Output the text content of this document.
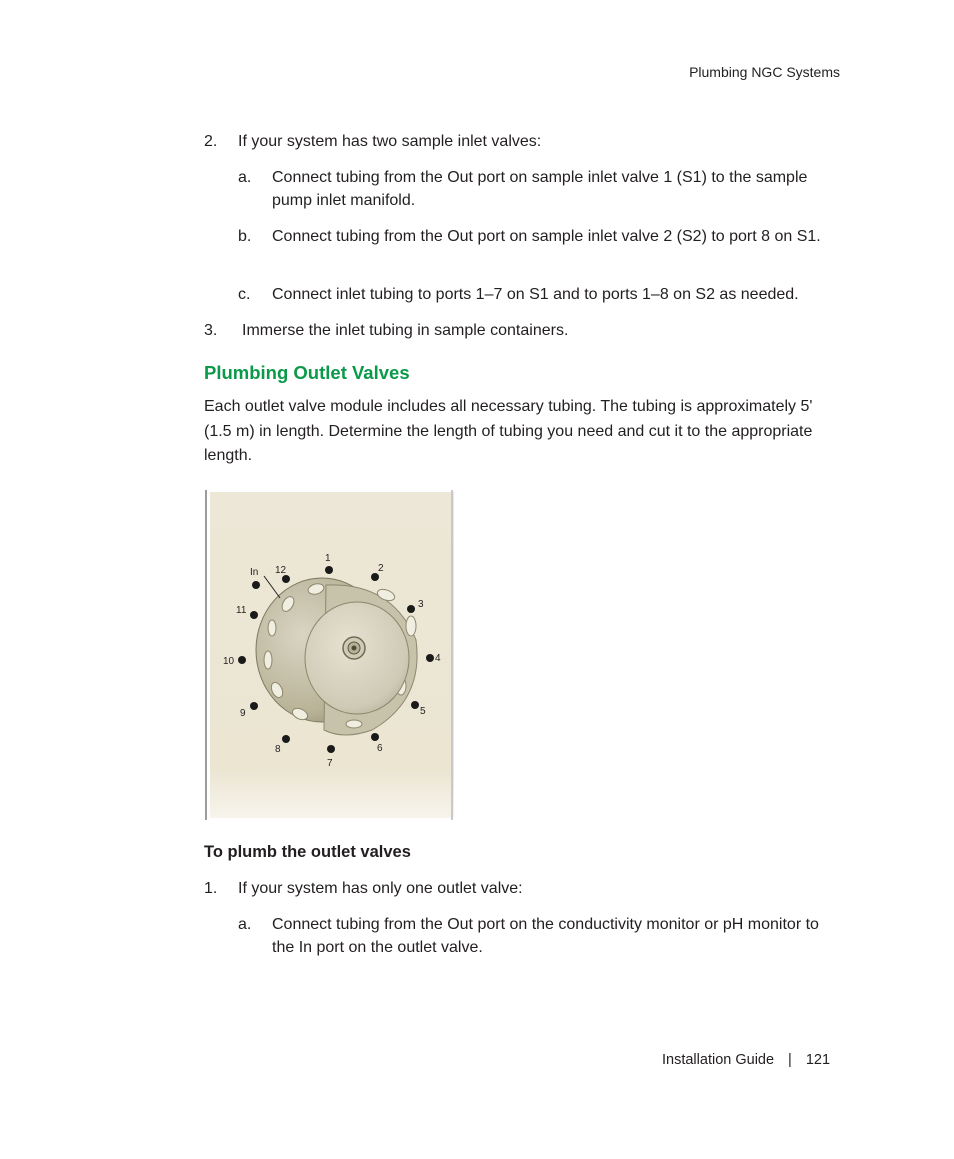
Plumbing NGC Systems
2. If your system has two sample inlet valves:
a. Connect tubing from the Out port on sample inlet valve 1 (S1) to the sample pump inlet manifold.
b. Connect tubing from the Out port on sample inlet valve 2 (S2) to port 8 on S1.
c. Connect inlet tubing to ports 1–7 on S1 and to ports 1–8 on S2 as needed.
3. Immerse the inlet tubing in sample containers.
Plumbing Outlet Valves
Each outlet valve module includes all necessary tubing. The tubing is approximately 5' (1.5 m) in length. Determine the length of tubing you need and cut it to the appropriate length.
In
1
2
3
4
5
6
7
8
9
10
11
12
To plumb the outlet valves
1. If your system has only one outlet valve:
a. Connect tubing from the Out port on the conductivity monitor or pH monitor to the In port on the outlet valve.
Installation Guide | 121
